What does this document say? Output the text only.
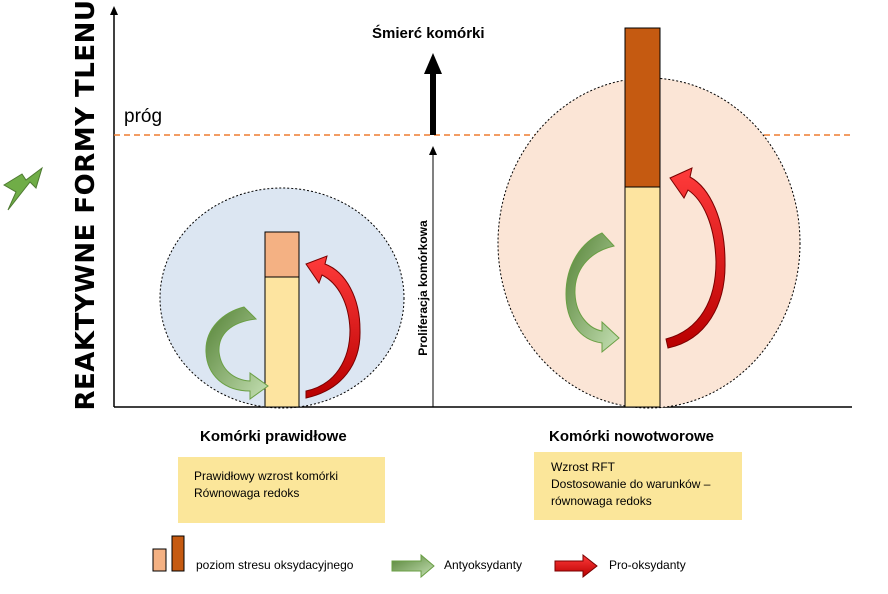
REAKTYWNE FORMY TLENU próg
Śmierć komórki
Proliferacja komórkowa
Komórki prawidłowe	Komórki nowotworowe
Prawidłowy wzrost komórki
Równowaga redoks
Wzrost RFT
Dostosowanie do warunków –
równowaga redoks
poziom stresu oksydacyjnego	Antyoksydanty	Pro-oksydanty
